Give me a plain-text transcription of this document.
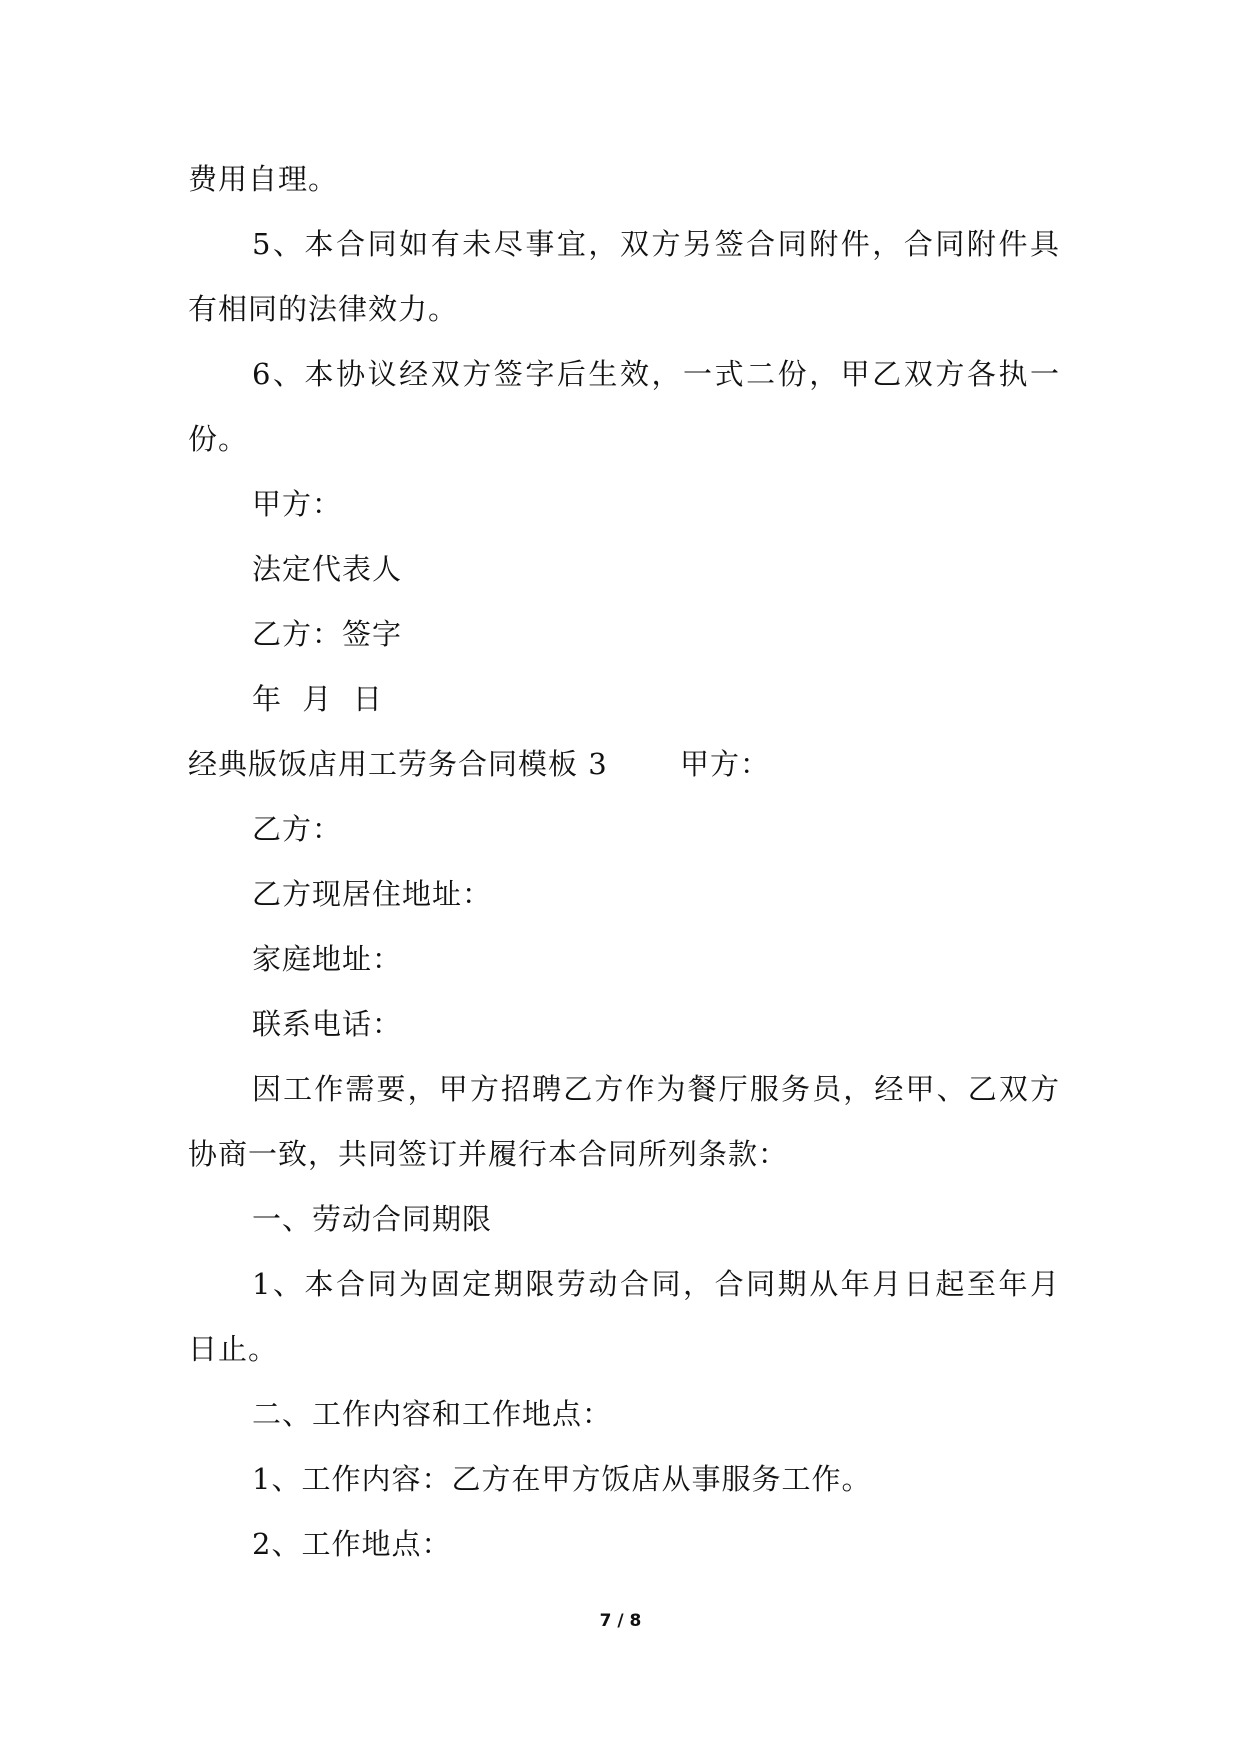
费用自理。
5、本合同如有未尽事宜，双方另签合同附件，合同附件具
有相同的法律效力。
6、本协议经双方签字后生效，一式二份，甲乙双方各执一
份。
甲方：
法定代表人
乙方：签字
年  月  日
经典版饭店用工劳务合同模板 3 甲方：
乙方：
乙方现居住地址：
家庭地址：
联系电话：
因工作需要，甲方招聘乙方作为餐厅服务员，经甲、乙双方
协商一致，共同签订并履行本合同所列条款：
一、劳动合同期限
1、本合同为固定期限劳动合同，合同期从年月日起至年月
日止。
二、工作内容和工作地点：
1、工作内容：乙方在甲方饭店从事服务工作。
2、工作地点：
7 / 8
